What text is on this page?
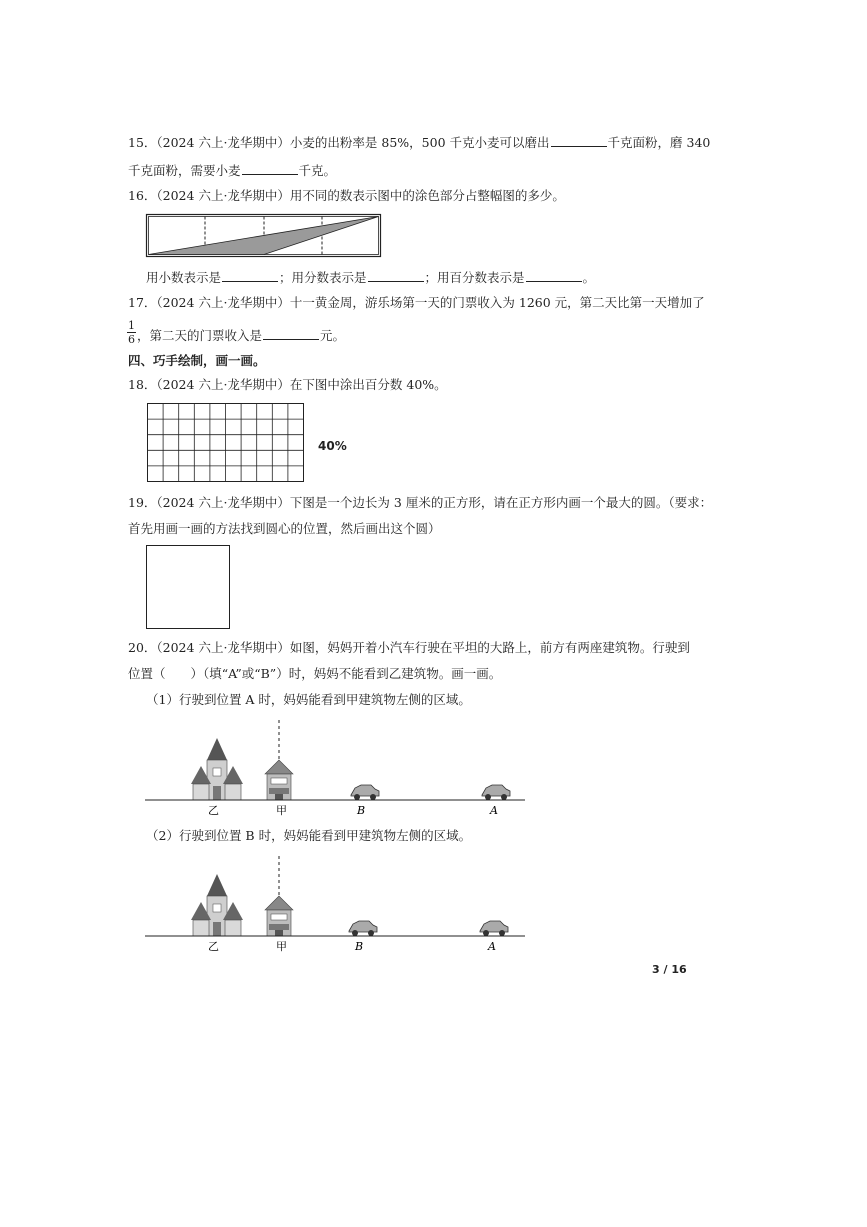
15．（2024 六上·龙华期中）小麦的出粉率是 85%，500 千克小麦可以磨出	千克面粉，磨 340
千克面粉，需要小麦	千克。
16．（2024 六上·龙华期中）用不同的数表示图中的涂色部分占整幅图的多少。
用小数表示是	；用分数表示是	；用百分数表示是	。
17．（2024 六上·龙华期中）十一黄金周，游乐场第一天的门票收入为 1260 元，第二天比第一天增加了
1
6 ，第二天的门票收入是	元。
四、巧手绘制，画一画。
18．（2024 六上·龙华期中）在下图中涂出百分数 40%。
40%
19．（2024 六上·龙华期中）下图是一个边长为 3 厘米的正方形，请在正方形内画一个最大的圆。（要求：
首先用画一画的方法找到圆心的位置，然后画出这个圆）
20．（2024 六上·龙华期中）如图，妈妈开着小汽车行驶在平坦的大路上，前方有两座建筑物。行驶到
位置（　　）（填“A”或“B”）时，妈妈不能看到乙建筑物。画一画。
（1）行驶到位置 A 时，妈妈能看到甲建筑物左侧的区域。
乙	甲	B	A
（2）行驶到位置 B 时，妈妈能看到甲建筑物左侧的区域。
乙	甲	B	A
3 / 16
